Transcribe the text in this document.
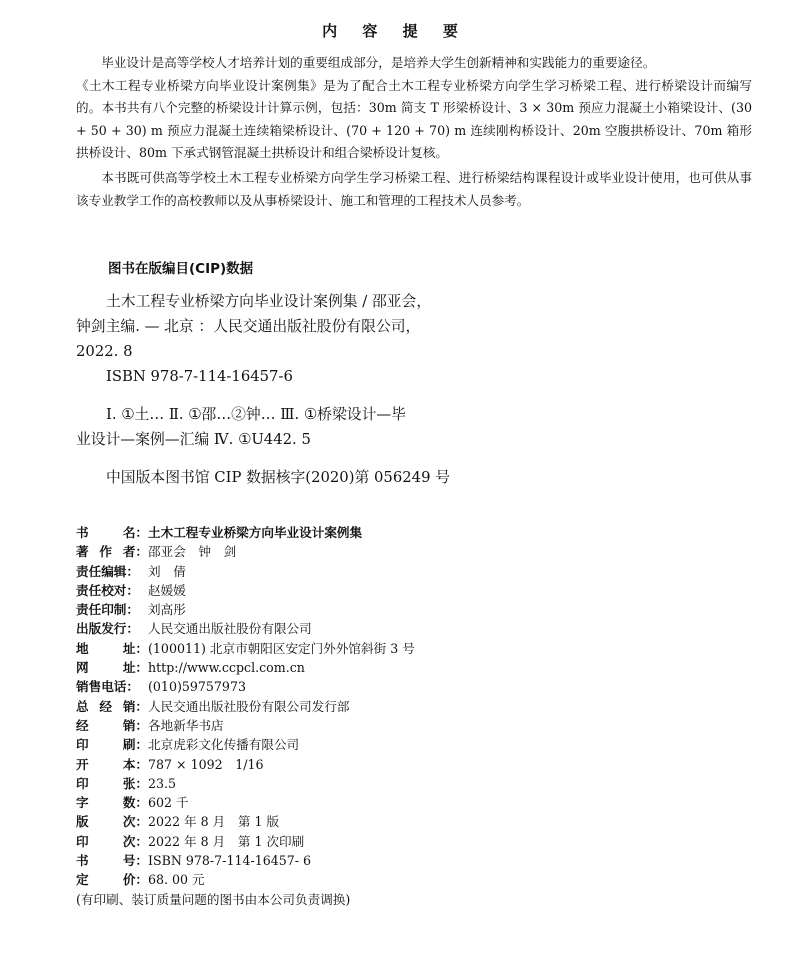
内 容 提 要

毕业设计是高等学校人才培养计划的重要组成部分，是培养大学生创新精神和实践能力的重要途径。

《土木工程专业桥梁方向毕业设计案例集》是为了配合土木工程专业桥梁方向学生学习桥梁工程、进行桥梁设计而编写的。本书共有八个完整的桥梁设计计算示例，包括：30m 简支 T 形梁桥设计、3 × 30m 预应力混凝土小箱梁设计、(30 + 50 + 30) m 预应力混凝土连续箱梁桥设计、(70 + 120 + 70) m 连续刚构桥设计、20m 空腹拱桥设计、70m 箱形拱桥设计、80m 下承式钢管混凝土拱桥设计和组合梁桥设计复核。

本书既可供高等学校土木工程专业桥梁方向学生学习桥梁工程、进行桥梁结构课程设计或毕业设计使用，也可供从事该专业教学工作的高校教师以及从事桥梁设计、施工和管理的工程技术人员参考。

图书在版编目(CIP)数据
土木工程专业桥梁方向毕业设计案例集 / 邵亚会，
钟剑主编. — 北京 ：人民交通出版社股份有限公司，
2022. 8
ISBN 978-7-114-16457-6
Ⅰ. ①土… Ⅱ. ①邵…②钟… Ⅲ. ①桥梁设计—毕
业设计—案例—汇编 Ⅳ. ①U442. 5
中国版本图书馆 CIP 数据核字(2020)第 056249 号
书	名： 土木工程专业桥梁方向毕业设计案例集
著 作 者： 邵亚会　钟　剑
责任编辑： 刘　倩
责任校对： 赵媛媛
责任印制： 刘高彤
出版发行： 人民交通出版社股份有限公司
地	址： (100011) 北京市朝阳区安定门外外馆斜街 3 号
网	址： http://www.ccpcl.com.cn
销售电话： (010)59757973
总 经 销： 人民交通出版社股份有限公司发行部
经	销： 各地新华书店
印	刷： 北京虎彩文化传播有限公司
开	本： 787 × 1092　1/16
印	张： 23.5
字	数： 602 千
版	次： 2022 年 8 月　第 1 版
印	次： 2022 年 8 月　第 1 次印刷
书	号： ISBN 978-7-114-16457- 6
定	价： 68. 00 元
(有印刷、装订质量问题的图书由本公司负责调换)
